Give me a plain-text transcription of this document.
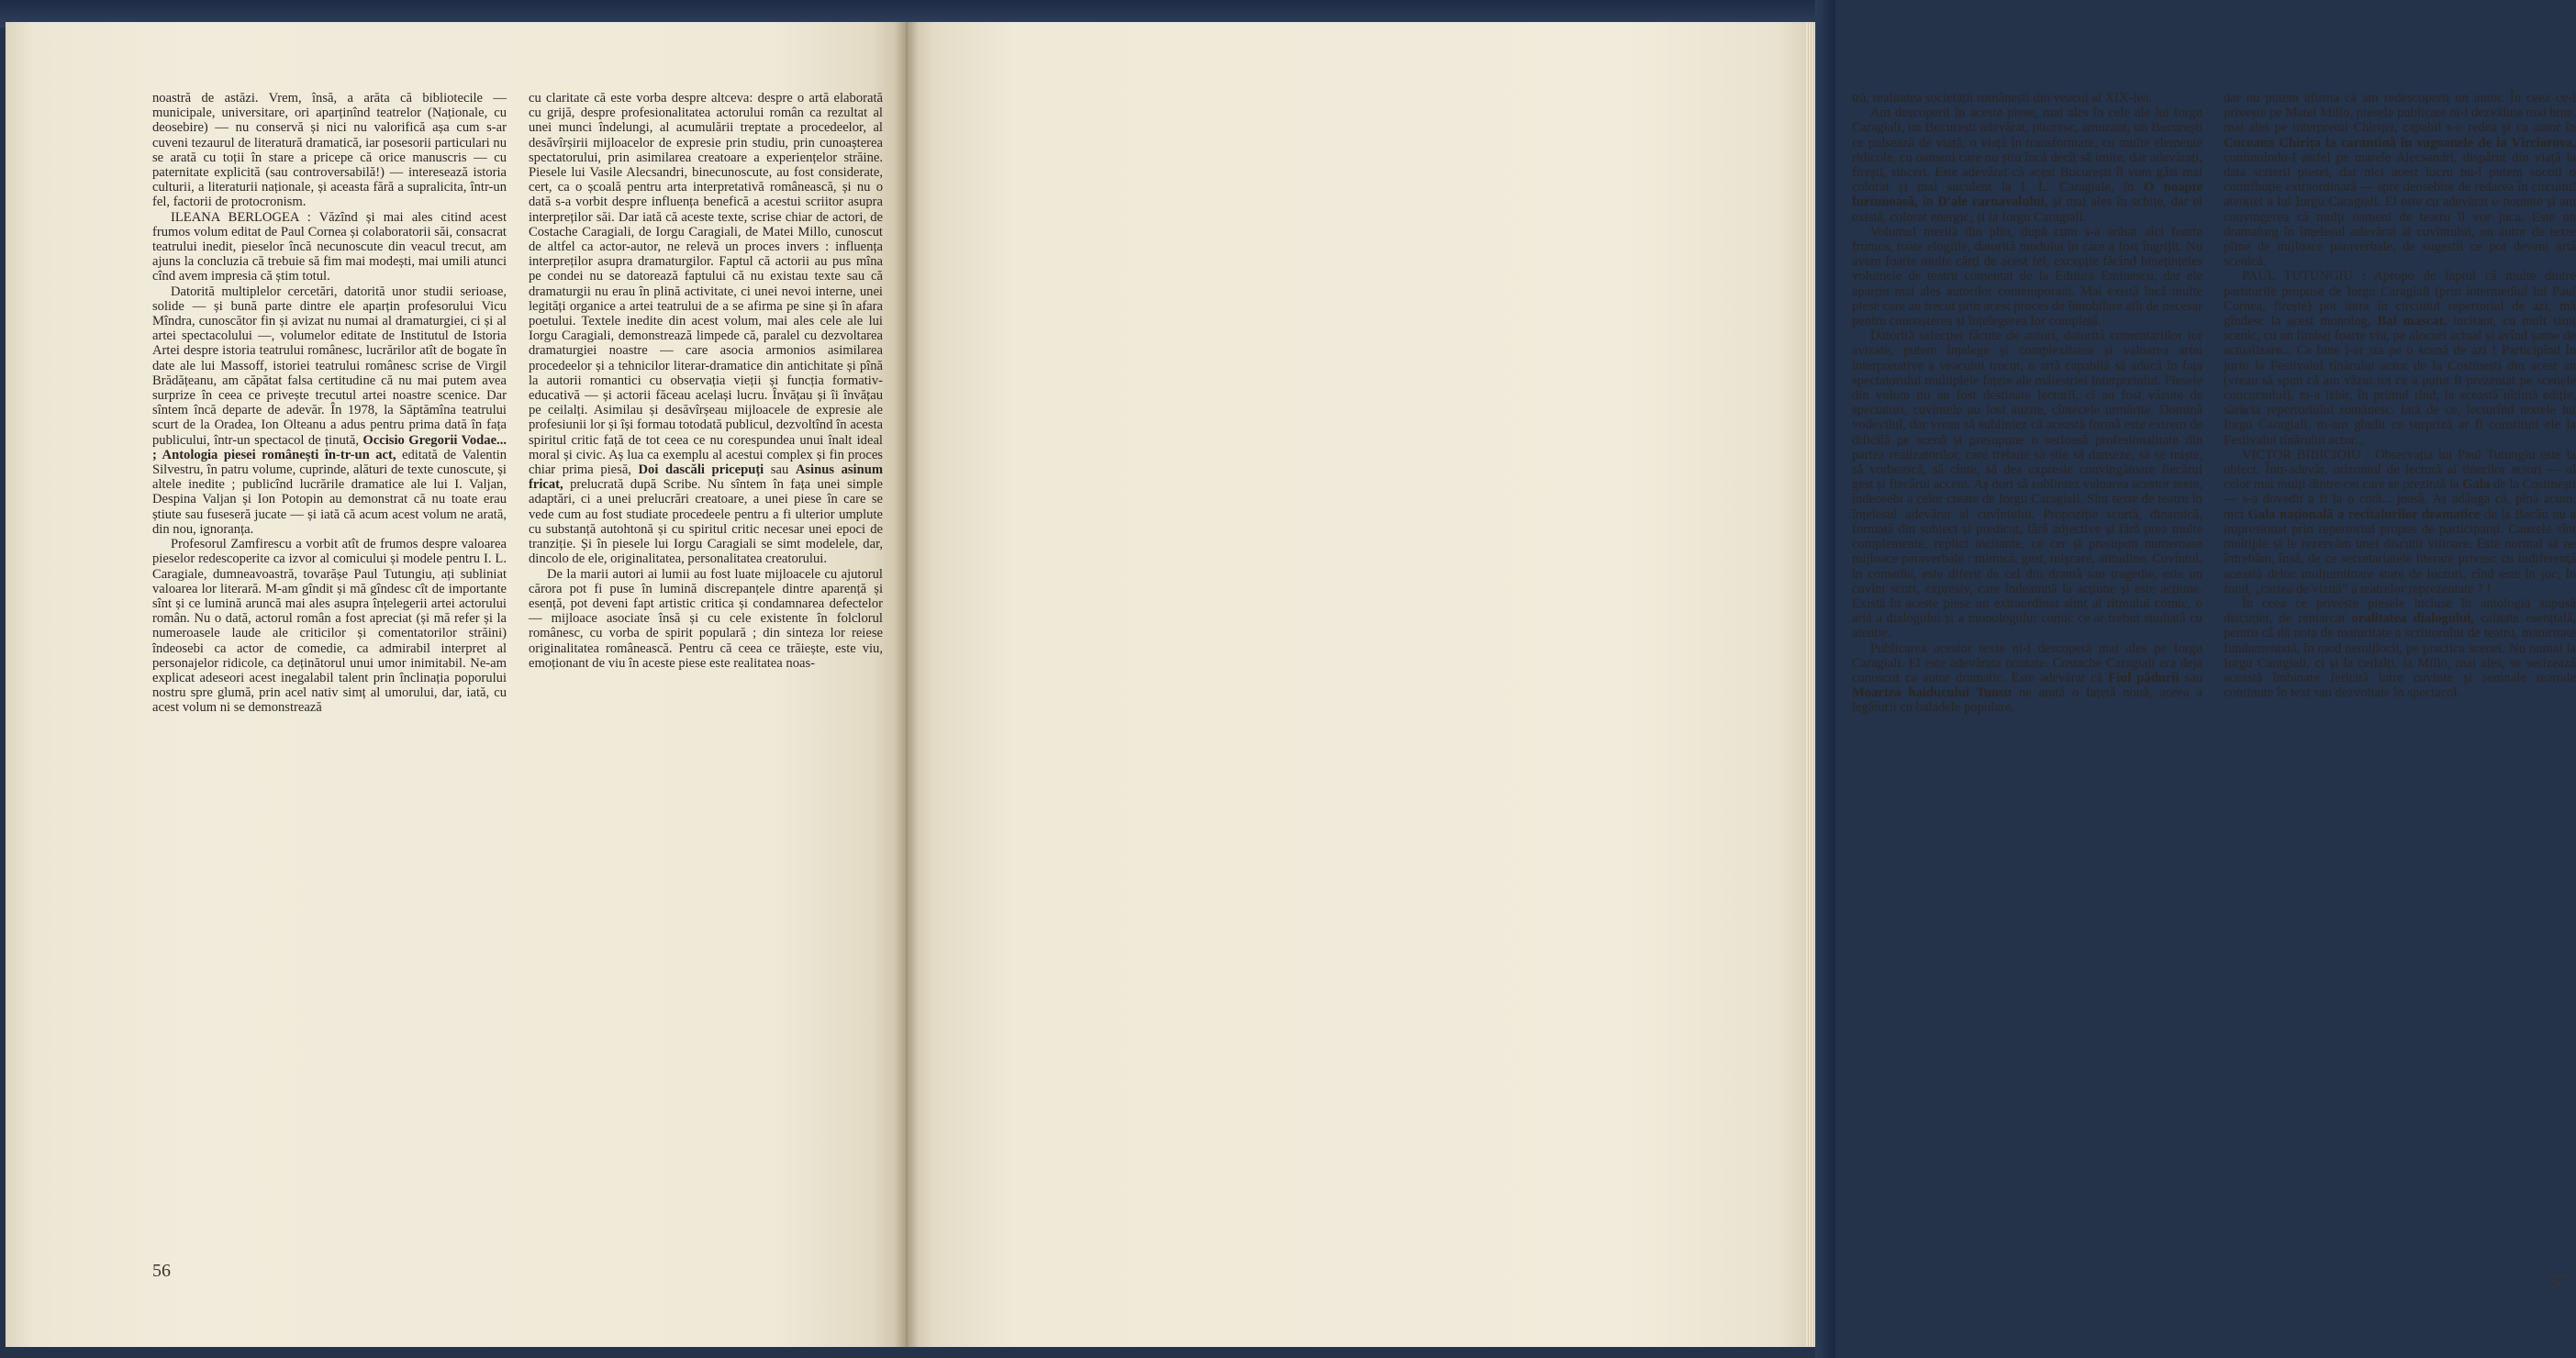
noastră de astăzi. Vrem, însă, a arăta că bibliotecile — municipale, universitare, ori aparținînd teatrelor (Naționale, cu deosebire) — nu conservă și nici nu valorifică așa cum s-ar cuveni tezaurul de literatură dramatică, iar posesorii particulari nu se arată cu toții în stare a pricepe că orice manuscris — cu paternitate explicită (sau controversabilă!) — interesează istoria culturii, a literaturii naționale, și aceasta fără a supralicita, într-un fel, factorii de protocronism.

ILEANA BERLOGEA : Văzînd și mai ales citind acest frumos volum editat de Paul Cornea și colaboratorii săi, consacrat teatrului inedit, pieselor încă necunoscute din veacul trecut, am ajuns la concluzia că trebuie să fim mai modești, mai umili atunci cînd avem impresia că știm totul.

Datorită multiplelor cercetări, datorită unor studii serioase, solide — și bună parte dintre ele aparțin profesorului Vicu Mîndra, cunoscător fin și avizat nu numai al dramaturgiei, ci și al artei spectacolului —, volumelor editate de Institutul de Istoria Artei despre istoria teatrului românesc, lucrărilor atît de bogate în date ale lui Massoff, istoriei teatrului românesc scrise de Virgil Brădățeanu, am căpătat falsa certitudine că nu mai putem avea surprize în ceea ce privește trecutul artei noastre scenice. Dar sîntem încă departe de adevăr. În 1978, la Săptămîna teatrului scurt de la Oradea, Ion Olteanu a adus pentru prima dată în fața publicului, într-un spectacol de ținută, Occisio Gregorii Vodae... ; Antologia piesei românești în-tr-un act, editată de Valentin Silvestru, în patru volume, cuprinde, alături de texte cunoscute, și altele inedite ; publicînd lucrările dramatice ale lui I. Valjan, Despina Valjan și Ion Potopin au demonstrat că nu toate erau știute sau fuseseră jucate — și iată că acum acest volum ne arată, din nou, ignoranța.

Profesorul Zamfirescu a vorbit atît de frumos despre valoarea pieselor redescoperite ca izvor al comicului și modele pentru I. L. Caragiale, dumneavoastră, tovarășe Paul Tutungiu, ați subliniat valoarea lor literară. M-am gîndit și mă gîndesc cît de importante sînt și ce lumină aruncă mai ales asupra înțelegerii artei actorului român. Nu o dată, actorul român a fost apreciat (și mă refer și la numeroasele laude ale criticilor și comentatorilor străini) îndeosebi ca actor de comedie, ca admirabil interpret al personajelor ridicole, ca deținătorul unui umor inimitabil. Ne-am explicat adeseori acest inegalabil talent prin înclinația poporului nostru spre glumă, prin acel nativ simț al umorului, dar, iată, cu acest volum ni se demonstrează

cu claritate că este vorba despre altceva: despre o artă elaborată cu grijă, despre profesionalitatea actorului român ca rezultat al unei munci îndelungi, al acumulării treptate a procedeelor, al desăvîrșirii mijloacelor de expresie prin studiu, prin cunoașterea spectatorului, prin asimilarea creatoare a experiențelor străine. Piesele lui Vasile Alecsandri, binecunoscute, au fost considerate, cert, ca o școală pentru arta interpretativă românească, și nu o dată s-a vorbit despre influența benefică a acestui scriitor asupra interpreților săi. Dar iată că aceste texte, scrise chiar de actori, de Costache Caragiali, de Iorgu Caragiali, de Matei Millo, cunoscut de altfel ca actor-autor, ne relevă un proces invers : influența interpreților asupra dramaturgilor. Faptul că actorii au pus mîna pe condei nu se datorează faptului că nu existau texte sau că dramaturgii nu erau în plină activitate, ci unei nevoi interne, unei legități organice a artei teatrului de a se afirma pe sine și în afara poetului. Textele inedite din acest volum, mai ales cele ale lui Iorgu Caragiali, demonstrează limpede că, paralel cu dezvoltarea dramaturgiei noastre — care asocia armonios asimilarea procedeelor și a tehnicilor literar-dramatice din antichitate și pînă la autorii romantici cu observația vieții și funcția formativ-educativă — și actorii făceau același lucru. Învățau și îi învățau pe ceilalți. Asimilau și desăvîrșeau mijloacele de expresie ale profesiunii lor și își formau totodată publicul, dezvoltînd în acesta spiritul critic față de tot ceea ce nu corespundea unui înalt ideal moral și civic. Aș lua ca exemplu al acestui complex și fin proces chiar prima piesă, Doi dascăli pricepuți sau Asinus asinum fricat, prelucrată după Scribe. Nu sîntem în fața unei simple adaptări, ci a unei prelucrări creatoare, a unei piese în care se vede cum au fost studiate procedeele pentru a fi ulterior umplute cu substanță autohtonă și cu spiritul critic necesar unei epoci de tranziție. Și în piesele lui Iorgu Caragiali se simt modelele, dar, dincolo de ele, originalitatea, personalitatea creatorului.

De la marii autori ai lumii au fost luate mijloacele cu ajutorul cărora pot fi puse în lumină discrepanțele dintre aparență și esență, pot deveni fapt artistic critica și condamnarea defectelor — mijloace asociate însă și cu cele existente în folclorul românesc, cu vorba de spirit populară ; din sinteza lor reiese originalitatea românească. Pentru că ceea ce trăiește, este viu, emoționant de viu în aceste piese este realitatea noas-

56

tră, realitatea societății românești din veacul al XIX-lea.

Am descoperit în aceste piese, mai ales în cele ale lui Iorgu Caragiali, un București adevărat, pitoresc, amuzant, un Bucureștí ce pulsează de viață, o viață în transformare, cu multe elemente ridicole, cu oameni care nu știu încă decît să imite, dar adevărați, firești, sinceri. Este adevărat că acest București îl vom găsi mai colorat și mai suculent la I. L. Caragiale, în O noapte furtunoasă, în D'ale carnavalului, și mai ales în schițe, dar el există, colorat energic, și la Iorgu Caragiali.

Volumul merită din plin, după cum s-a arătat aici foarte frumos, toate elogiile, datorită modului în care a fost îngrijit. Nu avem foarte multe cărți de acest fel, excepție făcînd binețințeles volumele de teatru comentat de la Editura Eminescu, dar ele aparțin mai ales autorilor contemporani. Mai există încă multe piese care au trecut prin acest proces de înnobilare atît de necesar pentru cunoașterea și înțelegerea lor completă.

Datorită selecției făcute de autori, datorită comentariilor lor avizate, putem înțelege și complexitatea și valoarea artei interpretative a veacului trecut, o artă capabilă să aducă în fața spectatorului multiplele fațete ale măiestriei interpretului. Piesele din volum nu au fost destinate lecturii, ci au fost văzute de spectatori, cuvintele au fost auzite, cîntecele urmărite. Domină vodevilul, dar vreau să subliniez că această formă este extrem de dificilă pe scenă și presupune o serioasă profesionalitate din partea realizatorilor, care trebuie să știe să danseze, să se miște, să vorbească, să cînte, să dea expresie convingătoare fiecărui gest și fiecărui accent. Aș dori să subliniez valoarea acestor texte, îndeosebi a celor create de Iorgu Caragiali. Sînt texte de teatru în înțelesul adevărat al cuvîntului. Propoziție scurtă, dinamică, formată din subiect și predicat, fără adjective și fără prea multe complemente, replici incitante, ce cer și presupun numeroase mijloace paraverbale : mimică, gest, mișcare, atitudine. Cuvîntul, în comedie, este diferit de cel din dramă sau tragedie, este un cuvînt scurt, expresiv, care îndeamnă la acțiune și este acțiune. Există în aceste piese un extraordinar simț al ritmului comic, o artă a dialogului și a monologului comic ce ar trebui studiată cu atenție.

Publicarea acestor texte ni-l descoperă mai ales pe Iorgu Caragiali. El este adevărata noutate. Costache Caragiali era deja cunoscut ca autor dramatic. Este adevărat că Fiul pădurii sau Moartea haiducului Tunsu ne arată o fațetă nouă, aceea a legăturii cu baladele populare,

dar nu putem afirma că am redescoperit un autor. În ceea ce-l privește pe Matei Millo, piesele publicate ni-l dezvăluie mai bine, mai ales pe interpretul Chiriței, capabil s-o redea și ca autor în Cucoana Chirița la carantină în vagoanele de la Vîrciorova, continuîndu-l astfel pe marele Alecsandri, dispărut din viață la data scrierii piesei, dar nici acest lucru nu-l putem socoti o contribuție extraordinară — spre deosebire de redarea în circuitul atenției a lui Iorgu Caragiali. El este cu adevărat o noutate și am convingerea că mulți oameni de teatru îl vor juca. Este un dramaturg în înțelesul adevărat al cuvîntului, un autor de texte pline de mijloace paraverbale, de sugestii ce pot deveni artă scenică.

PAUL TUTUNGIU : Apropo de faptul că multe dintre partiturile propuse de Iorgu Caragiali (prin intermediul lui Paul Cornea, firește) pot intra în circuitul repertorial de azi, mă gîndesc la acest monolog, Bal mascat, incitant, cu mult simț scenic, cu un limbaj foarte viu, pe alocuri actual și avînd șanse de actualizare... Ce bine i-ar sta pe o scenă de azi ! Participînd în juriu la Festivalul tînărului actor de la Costinești din acest an (vreau să spun că am văzut tot ce a putut fi prezentat pe scenele concursului), m-a izbit, în primul rînd, la această ultimă ediție, sărăcia repertoriului românesc. Iată de ce, lecturînd textele lui Iorgu Caragiali, m-am gîndit ce surpriză ar fi constituit ele la Festivalul tînărului actor...

VICTOR BIBICIOIU : Observația lui Paul Tutungiu este la obiect. Într-adevăr, orizontul de lectură al tinerilor actori — al celor mai mulți dintre cei care se prezintă la Gala de la Costinești — s-a dovedit a fi la o cotă... joasă. Aș adăuga că, pînă acum, nici Gala națională a recitalurilor dramatice de la Bacău nu a impresionat prin repertoriul propus de participanți. Cauzele sînt multiple și le rezervăm unei discuții viitoare. Este normal să ne întrebăm, însă, de ce secretariatele literare privesc cu indiferență această deloc mulțumitoare stare de lucruri, cînd este în joc, în fond, „cartea de vizită“ a teatrelor reprezentate ? !

În ceea ce privește piesele incluse în antologia supusă discuției, de remarcat oralitatea dialogului, calitate esențială, pentru că dă nota de maturitate a scriitorului de teatru, maturitate fundamentată, în mod nemijlocit, pe practica scenei. Nu numai la Iorgu Caragiali, ci și la ceilalți, la Millo, mai ales, se sesizează această îmbinare fericită între cuvinte și semnale teatrale continute în text sau dezvoltate în spectacol.

57
